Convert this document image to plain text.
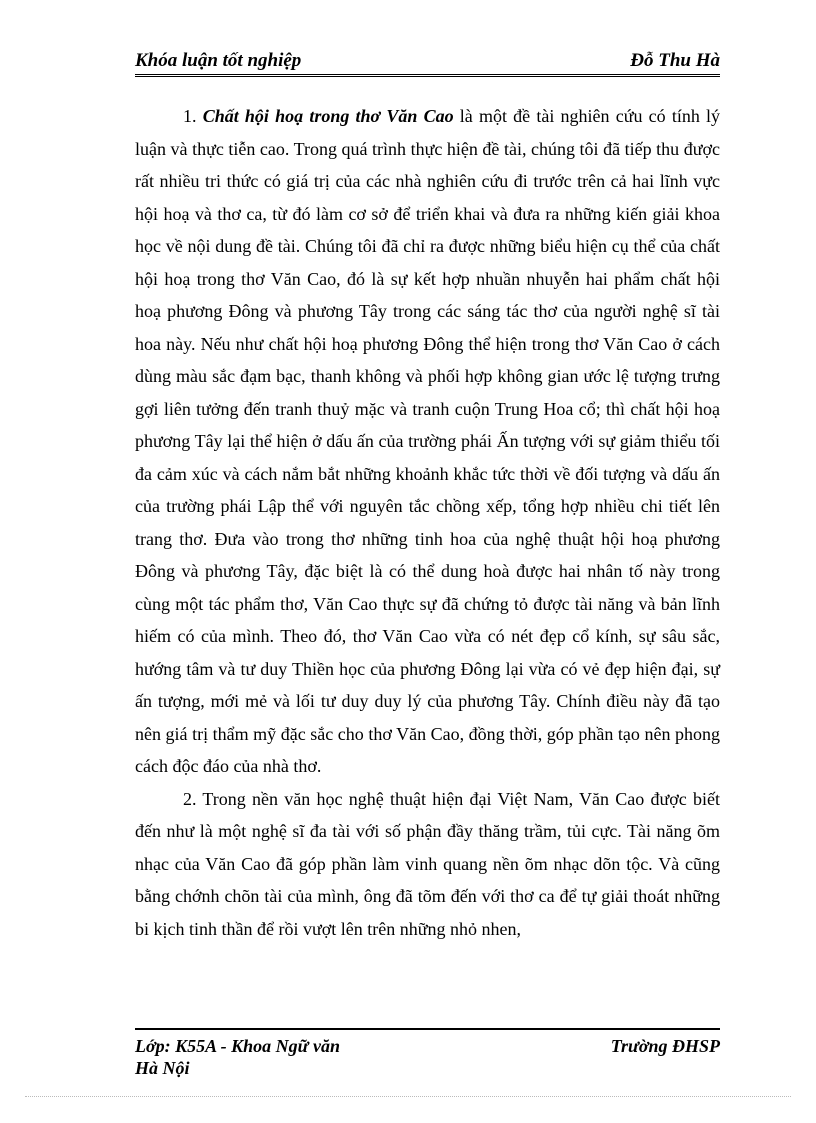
Khóa luận tốt nghiệp	Đỗ Thu Hà

1. Chất hội hoạ trong thơ Văn Cao là một đề tài nghiên cứu có tính lý luận và thực tiễn cao. Trong quá trình thực hiện đề tài, chúng tôi đã tiếp thu được rất nhiều tri thức có giá trị của các nhà nghiên cứu đi trước trên cả hai lĩnh vực hội hoạ và thơ ca, từ đó làm cơ sở để triển khai và đưa ra những kiến giải khoa học về nội dung đề tài. Chúng tôi đã chỉ ra được những biểu hiện cụ thể của chất hội hoạ trong thơ Văn Cao, đó là sự kết hợp nhuần nhuyễn hai phẩm chất hội hoạ phương Đông và phương Tây trong các sáng tác thơ của người nghệ sĩ tài hoa này. Nếu như chất hội hoạ phương Đông thể hiện trong thơ Văn Cao ở cách dùng màu sắc đạm bạc, thanh không và phối hợp không gian ước lệ tượng trưng gợi liên tưởng đến tranh thuỷ mặc và tranh cuộn Trung Hoa cổ; thì chất hội hoạ phương Tây lại thể hiện ở dấu ấn của trường phái Ấn tượng với sự giảm thiểu tối đa cảm xúc và cách nắm bắt những khoảnh khắc tức thời về đối tượng và dấu ấn của trường phái Lập thể với nguyên tắc chồng xếp, tổng hợp nhiều chi tiết lên trang thơ. Đưa vào trong thơ những tinh hoa của nghệ thuật hội hoạ phương Đông và phương Tây, đặc biệt là có thể dung hoà được hai nhân tố này trong cùng một tác phẩm thơ, Văn Cao thực sự đã chứng tỏ được tài năng và bản lĩnh hiếm có của mình. Theo đó, thơ Văn Cao vừa có nét đẹp cổ kính, sự sâu sắc, hướng tâm và tư duy Thiền học của phương Đông lại vừa có vẻ đẹp hiện đại, sự ấn tượng, mới mẻ và lối tư duy duy lý của phương Tây. Chính điều này đã tạo nên giá trị thẩm mỹ đặc sắc cho thơ Văn Cao, đồng thời, góp phần tạo nên phong cách độc đáo của nhà thơ.

2. Trong nền văn học nghệ thuật hiện đại Việt Nam, Văn Cao được biết đến như là một nghệ sĩ đa tài với số phận đầy thăng trầm, tủi cực. Tài năng õm nhạc của Văn Cao đã góp phần làm vinh quang nền õm nhạc dõn tộc. Và cũng bằng chớnh chõn tài của mình, ông đã tõm đến với thơ ca để tự giải thoát những bi kịch tinh thần để rồi vượt lên trên những nhỏ nhen,

Lớp: K55A - Khoa Ngữ văn
Hà Nội
Trường ĐHSP
